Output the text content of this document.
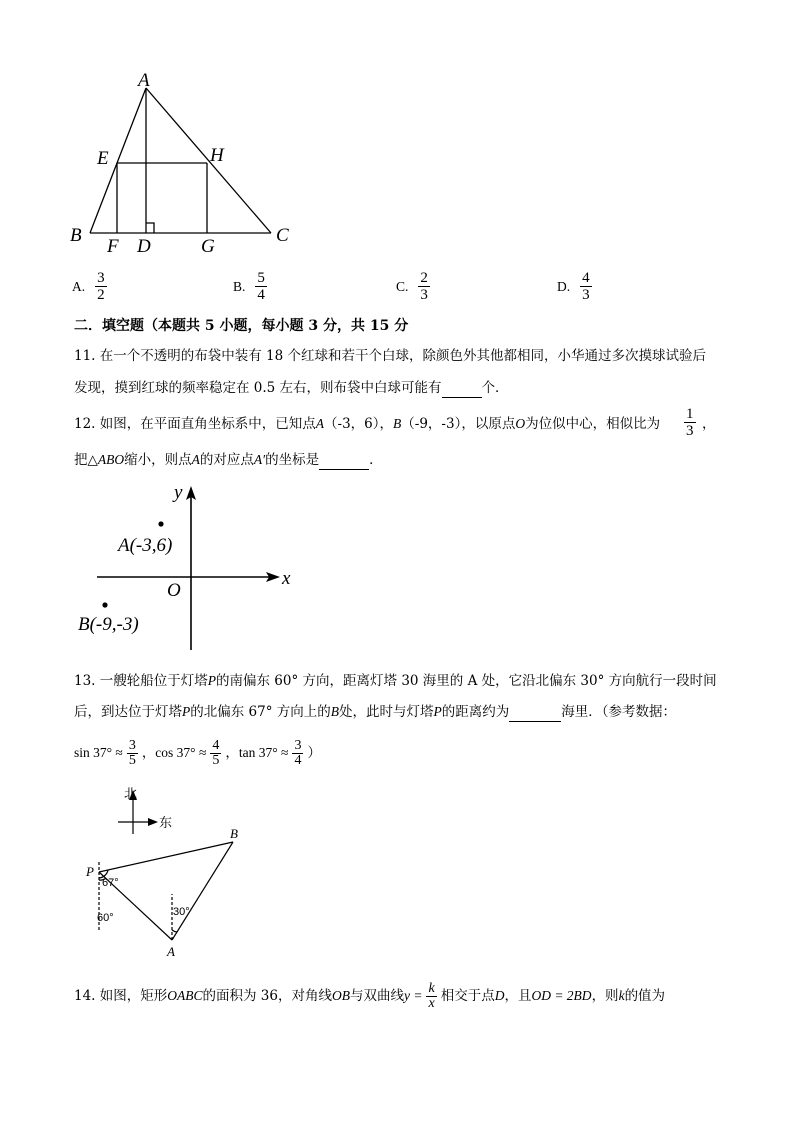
A
E	H
B
F D	G
C
A. $\frac{3}{2}$	B. $\frac{5}{4}$	C. $\frac{2}{3}$	D. $\frac{4}{3}$
二．填空题（本题共 5 小题，每小题 3 分，共 15 分
11. 在一个不透明的布袋中装有 18 个红球和若干个白球，除颜色外其他都相同，小华通过多次摸球试验后
发现，摸到红球的频率稳定在 0.5 左右，则布袋中白球可能有	个．
12. 如图，在平面直角坐标系中，已知点A（-3，6），B（-9，-3），以原点O为位似中心，相似比为 $\frac{1}{3}$ ，
把△ABO缩小，则点A的对应点A′的坐标是	．
y
x
O
A(-3,6)
B(-9,-3)
13. 一艘轮船位于灯塔P的南偏东 60° 方向，距离灯塔 30 海里的 A 处，它沿北偏东 30° 方向航行一段时间
后，到达位于灯塔P的北偏东 67° 方向上的B处，此时与灯塔P的距离约为	海里．（参考数据：
$\sin 37^\circ \approx \frac{3}{5}$ ，$\cos 37^\circ \approx \frac{4}{5}$ ，$\tan 37^\circ \approx \frac{3}{4}$ ）
北
东
B
P
A
67°
60°	30°
14. 如图，矩形 OABC 的面积为 36，对角线 OB 与双曲线 $y = \frac{k}{x}$ 相交于点 D ，且 OD = 2BD ，则 k 的值为
